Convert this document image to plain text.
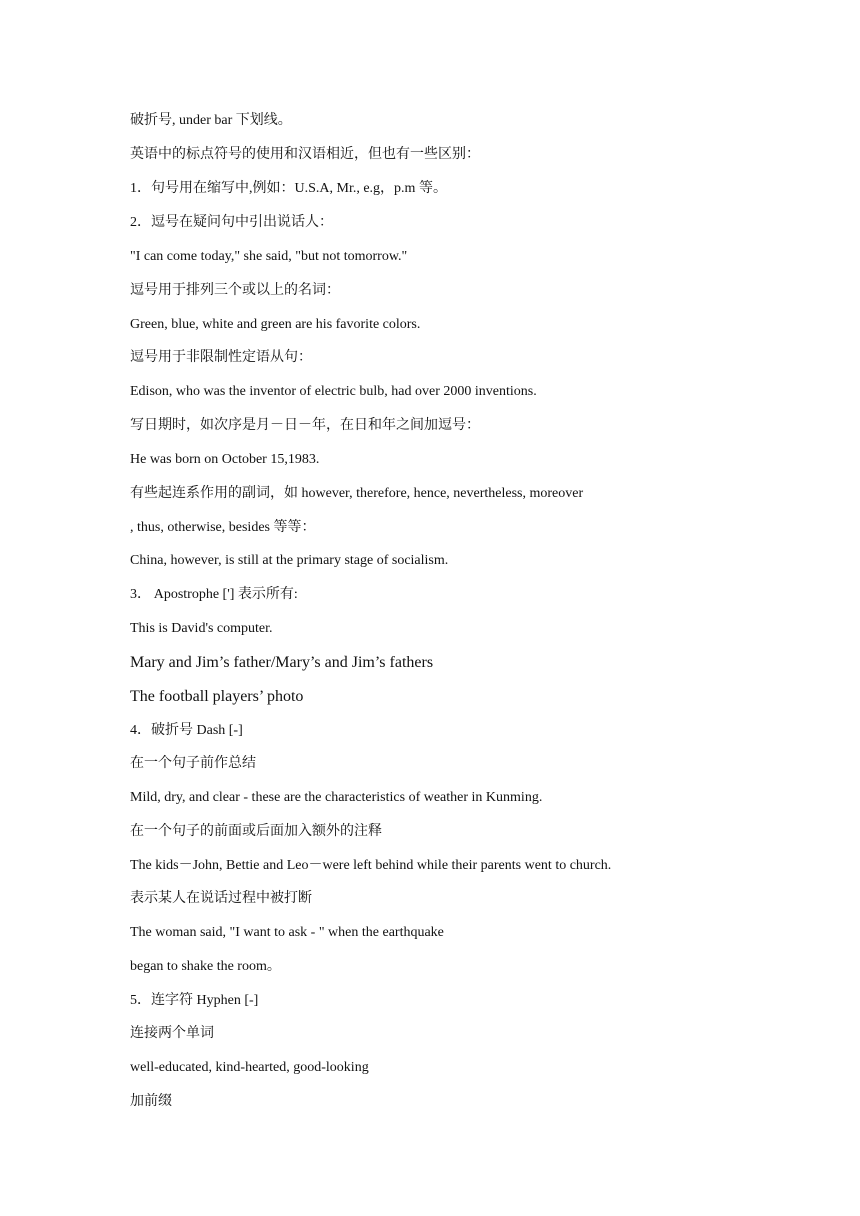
破折号, under bar 下划线。
英语中的标点符号的使用和汉语相近，但也有一些区别：
1．句号用在缩写中,例如：U.S.A, Mr., e.g，p.m 等。
2．逗号在疑问句中引出说话人：
"I can come today," she said, "but not tomorrow."
逗号用于排列三个或以上的名词：
Green, blue, white and green are his favorite colors.
逗号用于非限制性定语从句：
Edison, who was the inventor of electric bulb, had over 2000 inventions.
写日期时，如次序是月－日－年，在日和年之间加逗号：
He was born on October 15,1983.
有些起连系作用的副词，如 however, therefore, hence, nevertheless, moreover
, thus, otherwise, besides 等等：
China, however, is still at the primary stage of socialism.
3． Apostrophe ['] 表示所有:
This is David's computer.
Mary and Jim’s father/Mary’s and Jim’s fathers
The football players’ photo
4．破折号 Dash [-]
在一个句子前作总结
Mild, dry, and clear - these are the characteristics of weather in Kunming.
在一个句子的前面或后面加入额外的注释
The kids－John, Bettie and Leo－were left behind while their parents went to church.
表示某人在说话过程中被打断
The woman said, "I want to ask - " when the earthquake
began to shake the room。
5．连字符 Hyphen [-]
连接两个单词
well-educated, kind-hearted, good-looking
加前缀
